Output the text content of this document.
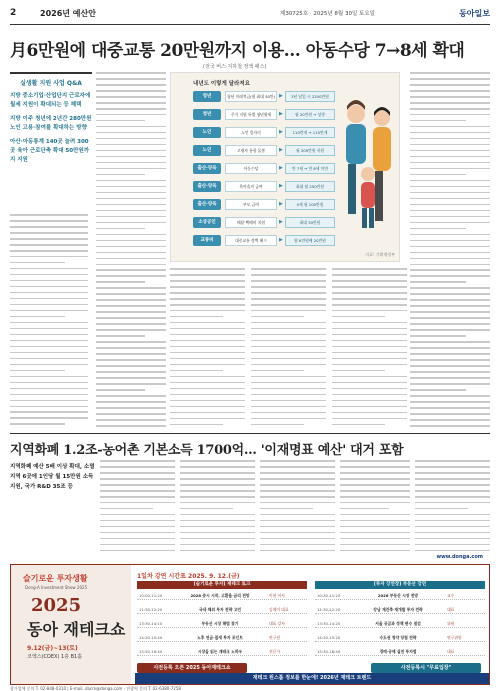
2	2026년 예산안	제30725호 · 2025년 8월 30일 토요일	동아일보
月6만원에 대중교통 20만원까지 이용… 아동수당 7→8세 확대
(전국 버스·지하철 정액 패스)
실생활 지원 사업 Q&A
지방 중소기업·산업단지 근로자에 월세 지원이 확대되는 등 혜택
지방 이주 청년에 2년간 280만원 노인 고용·참여를 확대하는 방향
아산·아동통계 140곳 늘려 300곳 육아 근로단축 확대 50만원까지 지원
내년도 이렇게 달라져요
청년	청년 미래적금(월 최대 50만) ▶	3년 납입 시 2200만원
청년	주거 지원 특별 청년월세	▶	월 20만원 → 상향
노인	노인 일자리	▶	110만개 → 115만개
노인	고령자 통합 돌봄	▶	월 200만원 지원
출산·양육	아동수당	▶	만 7세 → 만 8세 미만
출산·양육	육아휴직 급여	▶	최대 월 250만원
출산·양육	부모 급여	▶	0세 월 100만원
소상공인	배달·택배비 지원	▶	최대 30만원
교통비	대중교통 정액 패스	▶	월 6만원에 20만원
자료: 기획재정부
지역화폐 1.2조-농어촌 기본소득 1700억… '이재명표 예산' 대거 포함
지역화폐 예산 5배 이상 확대, 소멸지역 6곳에 1인당 월 15만원 소득 지원, 국가 R&D 35조 등
www.donga.com
슬기로운 투자생활
Dong-A Investment Show 2025
2025
동아 재테크쇼
9.12(금)~13(토)
코엑스(COEX) 1층 B1홀
1일차 강연 시간표 2025. 9. 12.(금)
[슬기로운 투자] 재테크 토크
10:00-11:20	2026 증시 시작, 고환율·금리 전망	이현 이사
11:30-12:20	국내·해외 투자 전략 고민	김제이 대표
13:30-14:10	부동산 시장 해법 찾기	대표 강사
14:20-15:40	노후 연금·절세 투자 포인트	연구원
15:50-16:40	시장을 읽는 재테크 노하우	전문가
[투자 강연장] 부동산 강연
10:30-11:20	2026 부동산 시장 전망	교수
11:30-12:20	강남 재건축·재개발 투자 전략	대표
13:30-14:20	서울 공급과 정책 변수 점검	위원
14:30-15:20	수도권 청약 당첨 전략	연구위원
15:30-16:40	경매·공매 실전 투자법	대표
사전등록 오픈 2025 동아재테크쇼	사전등록시 "무료입장"
재테크 원스톱 정보를 한눈에! 2026년 재테크 트렌드
참가업체 문의 T. 02-848-0310 | E-mail. dacm@donga.com · 전광역 문의 T. 02-6380-7258
